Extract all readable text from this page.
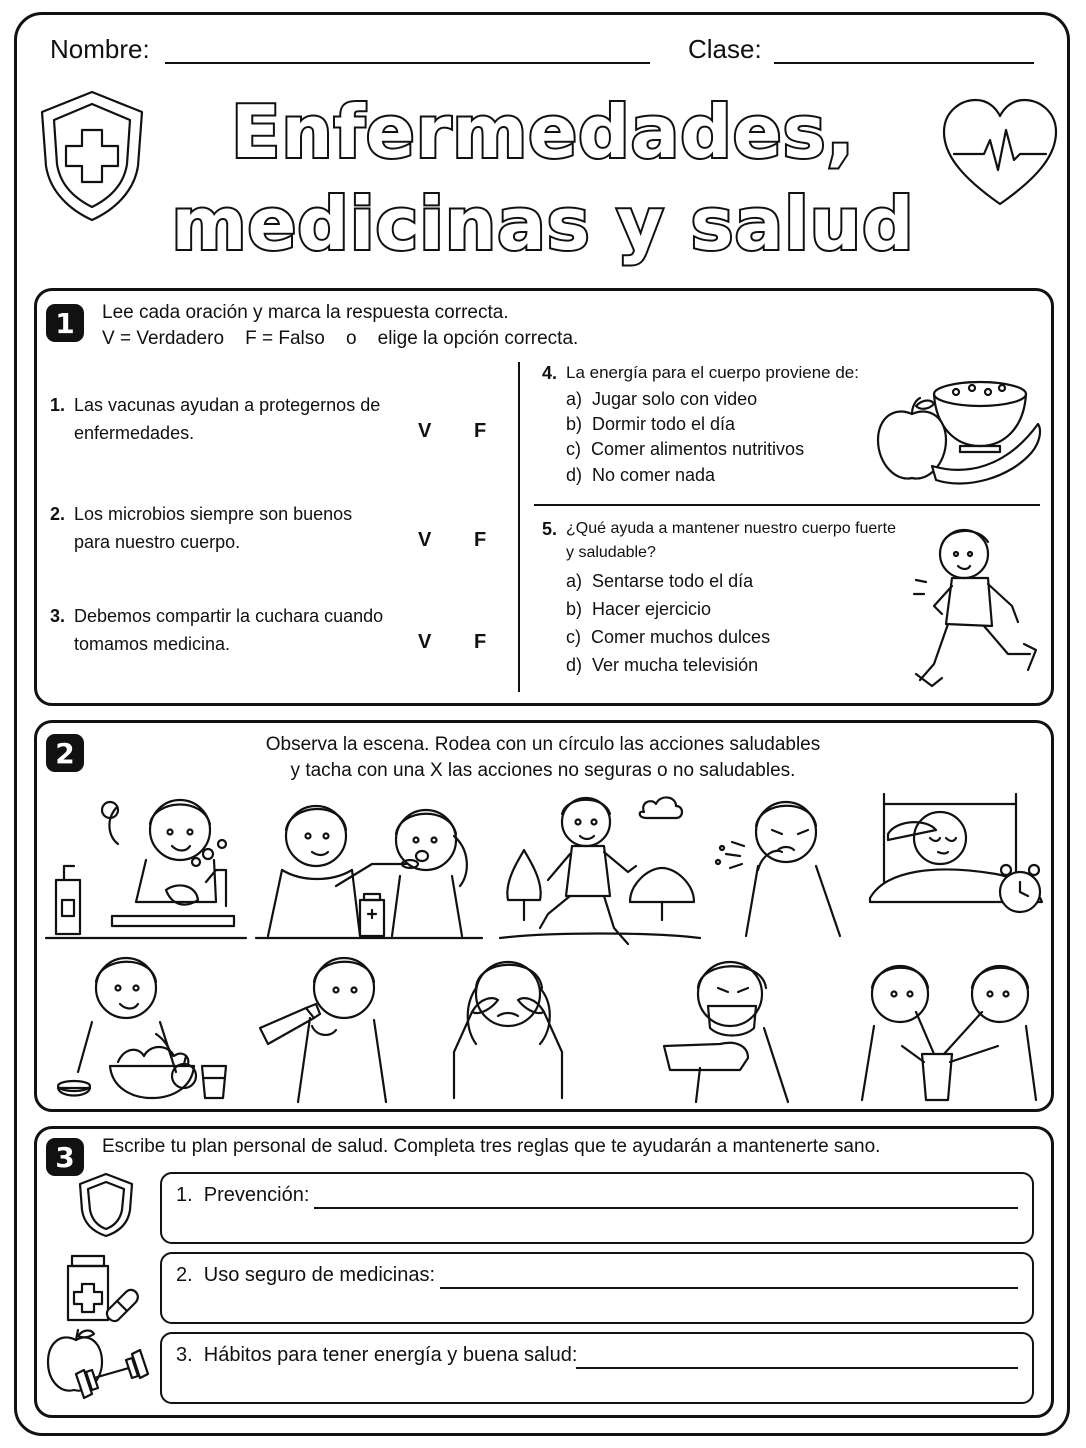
Nombre:	Clase:
Enfermedades,
medicinas y salud
1	Lee cada oración y marca la respuesta correcta.
V = Verdadero    F = Falso    o    elige la opción correcta.
1. Las vacunas ayudan a protegernos de
enfermedades.	V F
2. Los microbios siempre son buenos
para nuestro cuerpo.	V F
3. Debemos compartir la cuchara cuando
tomamos medicina.	V F
4. La energía para el cuerpo proviene de:
a)  Jugar solo con video
b)  Dormir todo el día
c)  Comer alimentos nutritivos
d)  No comer nada
5. ¿Qué ayuda a mantener nuestro cuerpo fuerte
y saludable?
a)  Sentarse todo el día
b)  Hacer ejercicio
c)  Comer muchos dulces
d)  Ver mucha televisión
2	Observa la escena. Rodea con un círculo las acciones saludables
y tacha con una X las acciones no seguras o no saludables.
3	Escribe tu plan personal de salud. Completa tres reglas que te ayudarán a mantenerte sano.
1.  Prevención:
2.  Uso seguro de medicinas:
3.  Hábitos para tener energía y buena salud:
